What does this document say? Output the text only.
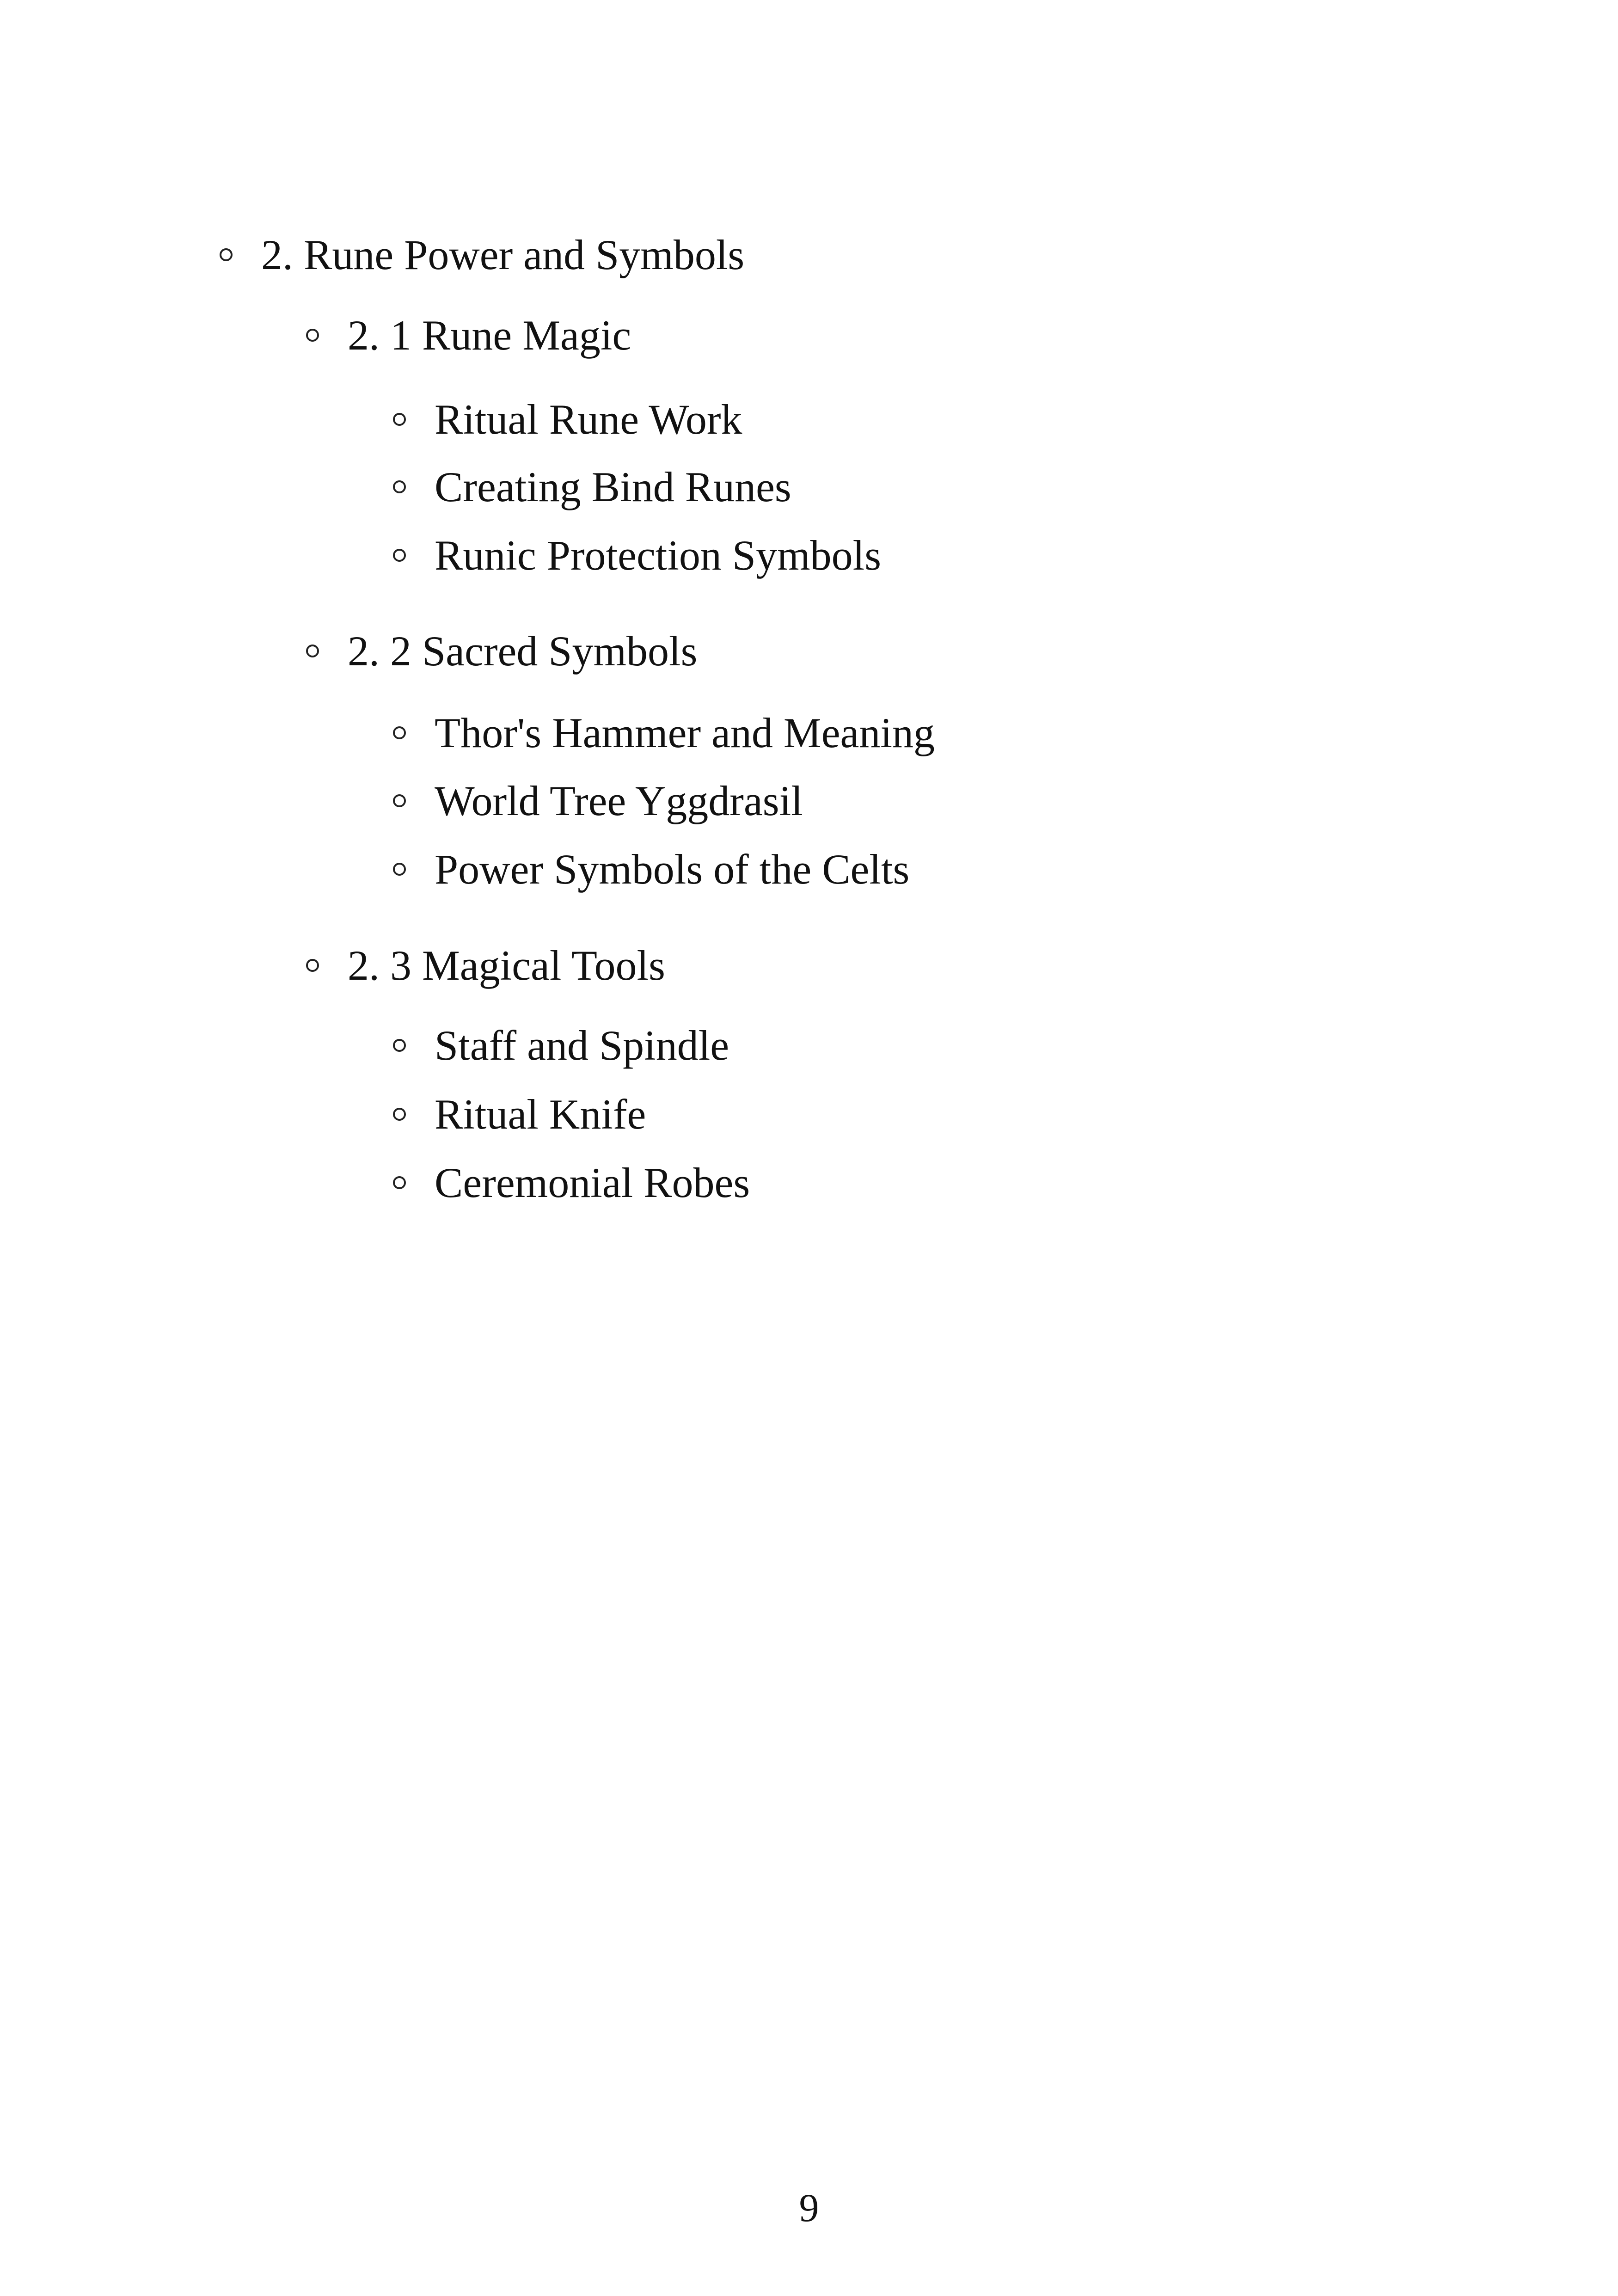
2. Rune Power and Symbols
2. 1 Rune Magic
Ritual Rune Work
Creating Bind Runes
Runic Protection Symbols
2. 2 Sacred Symbols
Thor's Hammer and Meaning
World Tree Yggdrasil
Power Symbols of the Celts
2. 3 Magical Tools
Staff and Spindle
Ritual Knife
Ceremonial Robes
9
